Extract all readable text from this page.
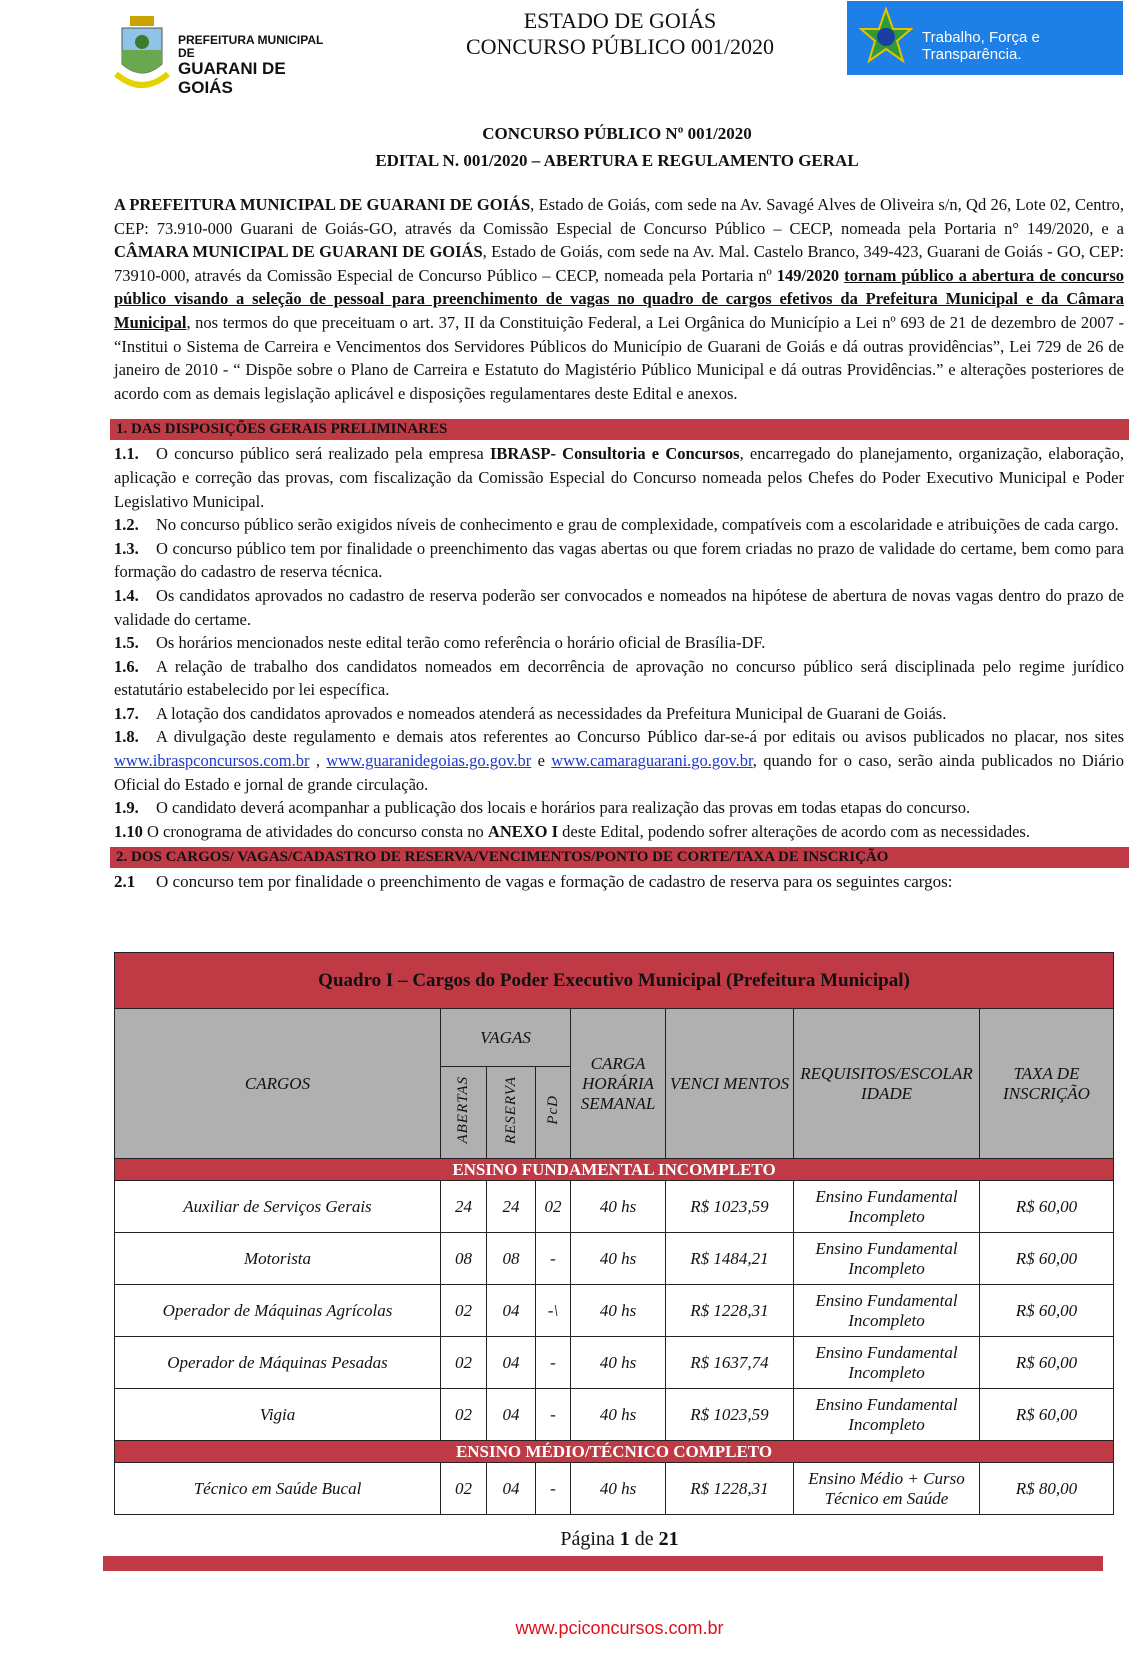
PREFEITURA MUNICIPAL DE
GUARANI DE GOIÁS
ESTADO DE GOIÁS
CONCURSO PÚBLICO 001/2020	Trabalho, Força e Transparência.
CONCURSO PÚBLICO Nº 001/2020
EDITAL N. 001/2020 – ABERTURA E REGULAMENTO GERAL

A PREFEITURA MUNICIPAL DE GUARANI DE GOIÁS, Estado de Goiás, com sede na Av. Savagé Alves de Oliveira s/n, Qd 26, Lote 02, Centro, CEP: 73.910-000 Guarani de Goiás-GO, através da Comissão Especial de Concurso Público – CECP, nomeada pela Portaria n° 149/2020, e a CÂMARA MUNICIPAL DE GUARANI DE GOIÁS, Estado de Goiás, com sede na Av. Mal. Castelo Branco, 349-423, Guarani de Goiás - GO, CEP: 73910-000, através da Comissão Especial de Concurso Público – CECP, nomeada pela Portaria nº 149/2020 tornam público a abertura de concurso público visando a seleção de pessoal para preenchimento de vagas no quadro de cargos efetivos da Prefeitura Municipal e da Câmara Municipal, nos termos do que preceituam o art. 37, II da Constituição Federal, a Lei Orgânica do Município a Lei nº 693 de 21 de dezembro de 2007 - “Institui o Sistema de Carreira e Vencimentos dos Servidores Públicos do Município de Guarani de Goiás e dá outras providências”, Lei 729 de 26 de janeiro de 2010 - “ Dispõe sobre o Plano de Carreira e Estatuto do Magistério Público Municipal e dá outras Providências.” e alterações posteriores de acordo com as demais legislação aplicável e disposições regulamentares deste Edital e anexos.

1. DAS DISPOSIÇÕES GERAIS PRELIMINARES

1.1. O concurso público será realizado pela empresa IBRASP- Consultoria e Concursos, encarregado do planejamento, organização, elaboração, aplicação e correção das provas, com fiscalização da Comissão Especial do Concurso nomeada pelos Chefes do Poder Executivo Municipal e Poder Legislativo Municipal.

1.2. No concurso público serão exigidos níveis de conhecimento e grau de complexidade, compatíveis com a escolaridade e atribuições de cada cargo.

1.3. O concurso público tem por finalidade o preenchimento das vagas abertas ou que forem criadas no prazo de validade do certame, bem como para formação do cadastro de reserva técnica.

1.4. Os candidatos aprovados no cadastro de reserva poderão ser convocados e nomeados na hipótese de abertura de novas vagas dentro do prazo de validade do certame.

1.5. Os horários mencionados neste edital terão como referência o horário oficial de Brasília-DF.

1.6. A relação de trabalho dos candidatos nomeados em decorrência de aprovação no concurso público será disciplinada pelo regime jurídico estatutário estabelecido por lei específica.

1.7. A lotação dos candidatos aprovados e nomeados atenderá as necessidades da Prefeitura Municipal de Guarani de Goiás.

1.8. A divulgação deste regulamento e demais atos referentes ao Concurso Público dar-se-á por editais ou avisos publicados no placar, nos sites www.ibraspconcursos.com.br , www.guaranidegoias.go.gov.br e www.camaraguarani.go.gov.br, quando for o caso, serão ainda publicados no Diário Oficial do Estado e jornal de grande circulação.

1.9. O candidato deverá acompanhar a publicação dos locais e horários para realização das provas em todas etapas do concurso.

1.10 O cronograma de atividades do concurso consta no ANEXO I deste Edital, podendo sofrer alterações de acordo com as necessidades.

2. DOS CARGOS/ VAGAS/CADASTRO DE RESERVA/VENCIMENTOS/PONTO DE CORTE/TAXA DE INSCRIÇÃO

2.1 O concurso tem por finalidade o preenchimento de vagas e formação de cadastro de reserva para os seguintes cargos:

Quadro I – Cargos do Poder Executivo Municipal (Prefeitura Municipal)							
CARGOS	VAGAS			CARGA HORÁRIA SEMANAL	VENCI MENTOS	REQUISITOS/ESCOLAR IDADE	TAXA DE INSCRIÇÃO
	ABERTAS	RESERVA	PcD				
ENSINO FUNDAMENTAL INCOMPLETO							
Auxiliar de Serviços Gerais	24	24	02	40 hs	R$ 1023,59	Ensino Fundamental Incompleto	R$ 60,00
Motorista	08	08	-	40 hs	R$ 1484,21	Ensino Fundamental Incompleto	R$ 60,00
Operador de Máquinas Agrícolas	02	04	-\	40 hs	R$ 1228,31	Ensino Fundamental Incompleto	R$ 60,00
Operador de Máquinas Pesadas	02	04	-	40 hs	R$ 1637,74	Ensino Fundamental Incompleto	R$ 60,00
Vigia	02	04	-	40 hs	R$ 1023,59	Ensino Fundamental Incompleto	R$ 60,00
ENSINO MÉDIO/TÉCNICO COMPLETO							
Técnico em Saúde Bucal	02	04	-	40 hs	R$ 1228,31	Ensino Médio + Curso Técnico em Saúde	R$ 80,00
Página 1 de 21
www.pciconcursos.com.br
